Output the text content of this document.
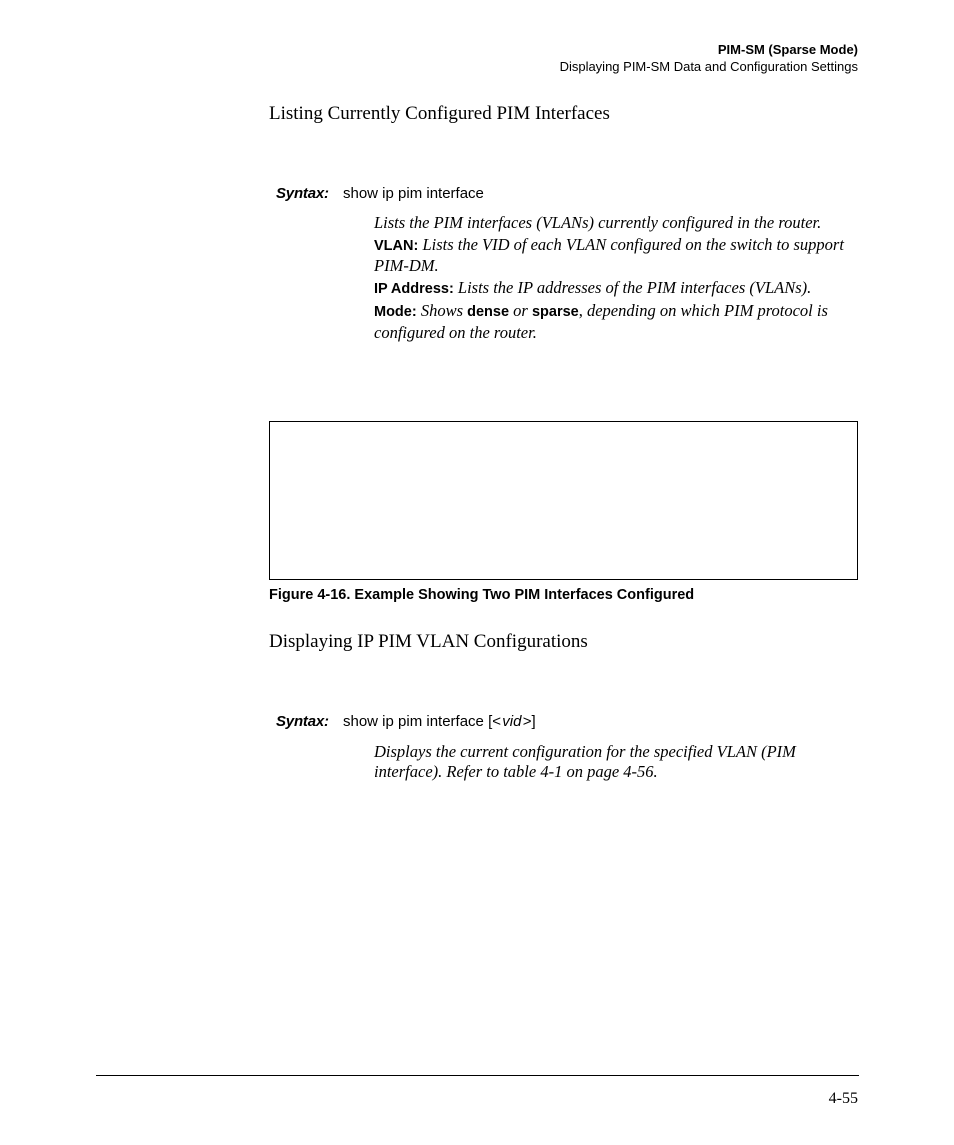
PIM-SM (Sparse Mode)
Displaying PIM-SM Data and Configuration Settings
Listing Currently Configured PIM Interfaces
Syntax: show ip pim interface

Lists the PIM interfaces (VLANs) currently configured in the router.

VLAN: Lists the VID of each VLAN configured on the switch to support PIM-DM.

IP Address: Lists the IP addresses of the PIM interfaces (VLANs).

Mode: Shows dense or sparse, depending on which PIM protocol is configured on the router.

Figure 4-16. Example Showing Two PIM Interfaces Configured
Displaying IP PIM VLAN Configurations
Syntax: show ip pim interface [< vid >]

Displays the current configuration for the specified VLAN (PIM interface). Refer to table 4-1 on page 4-56.

4-55
